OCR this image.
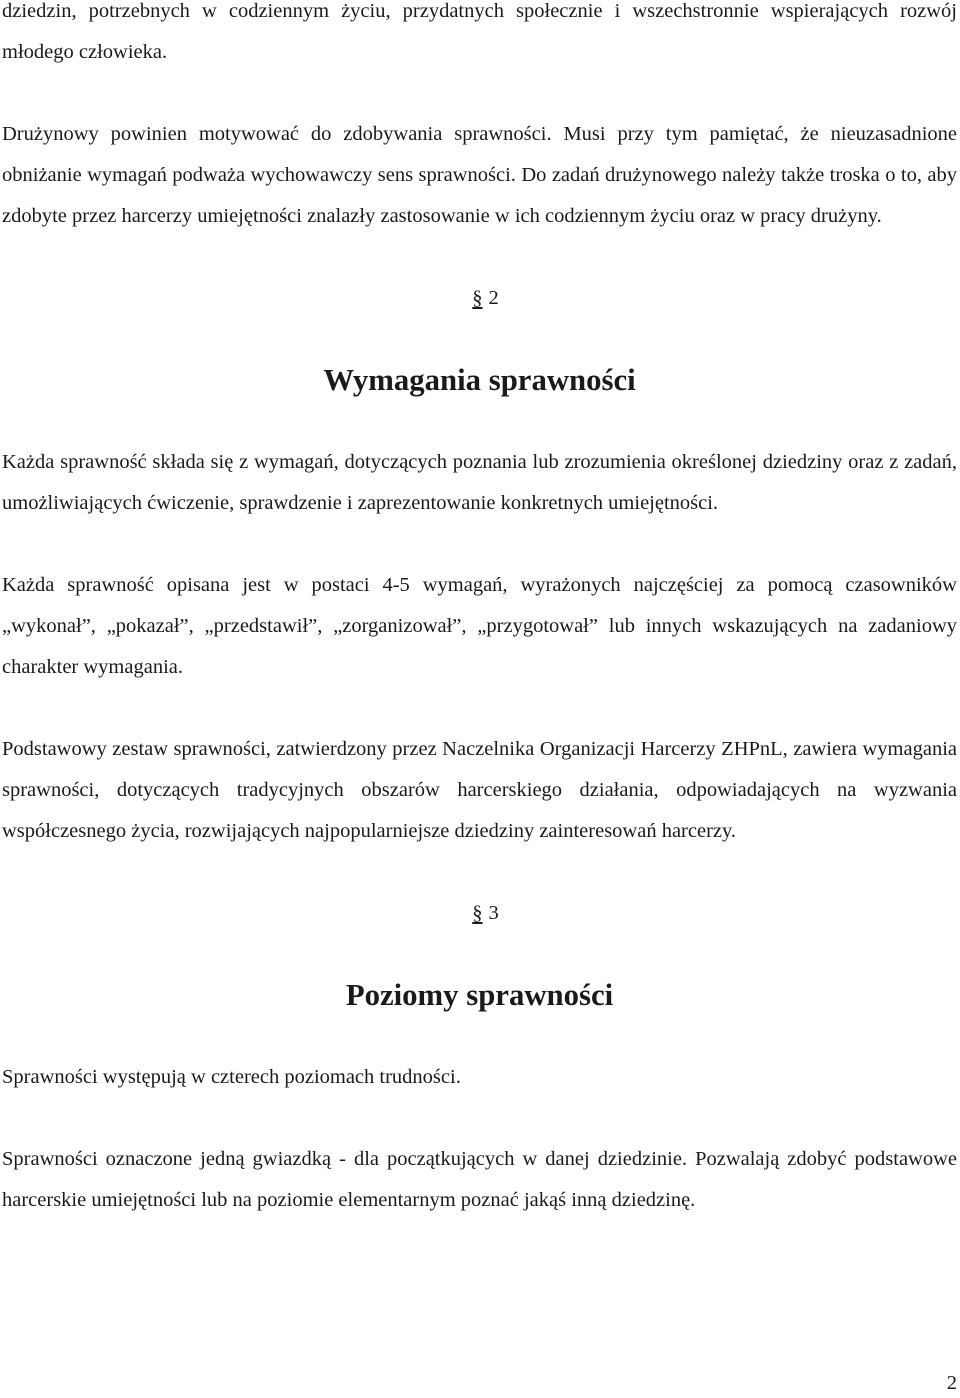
dziedzin, potrzebnych w codziennym życiu, przydatnych społecznie i wszechstronnie wspierających rozwój młodego człowieka.

Drużynowy powinien motywować do zdobywania sprawności. Musi przy tym pamiętać, że nieuzasadnione obniżanie wymagań podważa wychowawczy sens sprawności. Do zadań drużynowego należy także troska o to, aby zdobyte przez harcerzy umiejętności znalazły zastosowanie w ich codziennym życiu oraz w pracy drużyny.

§ 2

Wymagania sprawności

Każda sprawność składa się z wymagań, dotyczących poznania lub zrozumienia określonej dziedziny oraz z zadań, umożliwiających ćwiczenie, sprawdzenie i zaprezentowanie konkretnych umiejętności.

Każda sprawność opisana jest w postaci 4-5 wymagań, wyrażonych najczęściej za pomocą czasowników „wykonał”, „pokazał”, „przedstawił”, „zorganizował”, „przygotował” lub innych wskazujących na zadaniowy charakter wymagania.

Podstawowy zestaw sprawności, zatwierdzony przez Naczelnika Organizacji Harcerzy ZHPnL, zawiera wymagania sprawności, dotyczących tradycyjnych obszarów harcerskiego działania, odpowiadających na wyzwania współczesnego życia, rozwijających najpopularniejsze dziedziny zainteresowań harcerzy.

§ 3

Poziomy sprawności

Sprawności występują w czterech poziomach trudności.

Sprawności oznaczone jedną gwiazdką - dla początkujących w danej dziedzinie. Pozwalają zdobyć podstawowe harcerskie umiejętności lub na poziomie elementarnym poznać jakąś inną dziedzinę.

2
